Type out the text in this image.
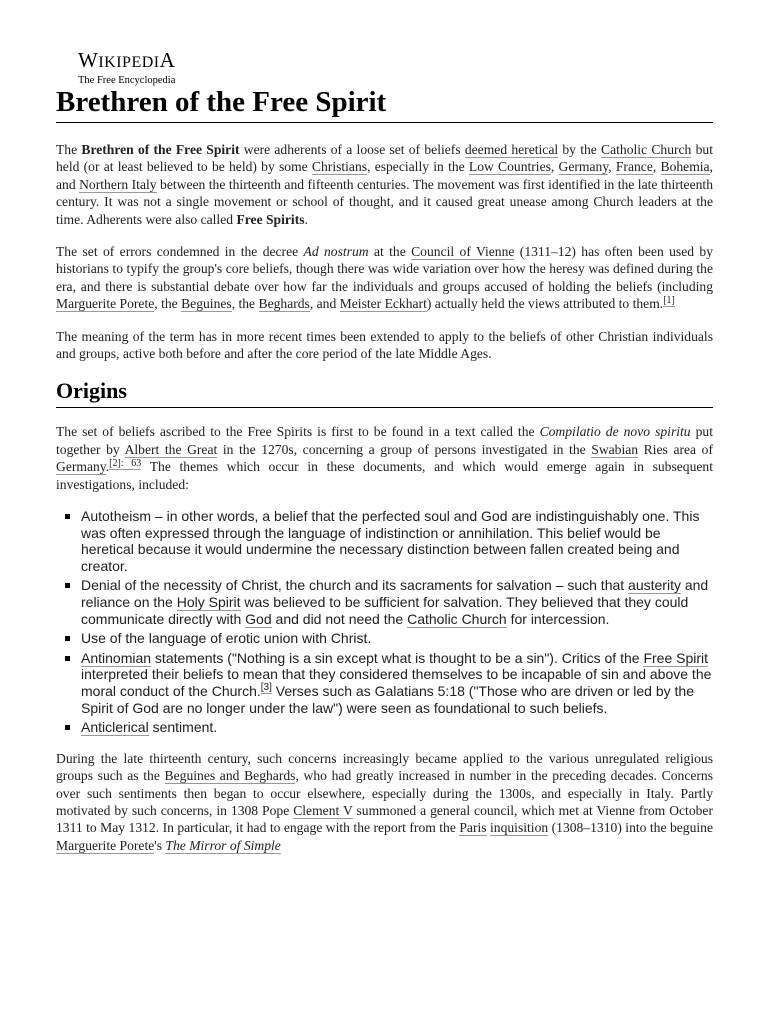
WIKIPEDIA
The Free Encyclopedia
Brethren of the Free Spirit

The Brethren of the Free Spirit were adherents of a loose set of beliefs deemed heretical by the Catholic Church but held (or at least believed to be held) by some Christians, especially in the Low Countries, Germany, France, Bohemia, and Northern Italy between the thirteenth and fifteenth centuries. The movement was first identified in the late thirteenth century. It was not a single movement or school of thought, and it caused great unease among Church leaders at the time. Adherents were also called Free Spirits.

The set of errors condemned in the decree Ad nostrum at the Council of Vienne (1311–12) has often been used by historians to typify the group's core beliefs, though there was wide variation over how the heresy was defined during the era, and there is substantial debate over how far the individuals and groups accused of holding the beliefs (including Marguerite Porete, the Beguines, the Beghards, and Meister Eckhart) actually held the views attributed to them.[1]

The meaning of the term has in more recent times been extended to apply to the beliefs of other Christian individuals and groups, active both before and after the core period of the late Middle Ages.

Origins

The set of beliefs ascribed to the Free Spirits is first to be found in a text called the Compilatio de novo spiritu put together by Albert the Great in the 1270s, concerning a group of persons investigated in the Swabian Ries area of Germany.$^{[2]: 63}$ The themes which occur in these documents, and which would emerge again in subsequent investigations, included:

Autotheism – in other words, a belief that the perfected soul and God are indistinguishably one. This was often expressed through the language of indistinction or annihilation. This belief would be heretical because it would undermine the necessary distinction between fallen created being and creator.
Denial of the necessity of Christ, the church and its sacraments for salvation – such that austerity and reliance on the Holy Spirit was believed to be sufficient for salvation. They believed that they could communicate directly with God and did not need the Catholic Church for intercession.
Use of the language of erotic union with Christ.
Antinomian statements ("Nothing is a sin except what is thought to be a sin"). Critics of the Free Spirit interpreted their beliefs to mean that they considered themselves to be incapable of sin and above the moral conduct of the Church.[3] Verses such as Galatians 5:18 ("Those who are driven or led by the Spirit of God are no longer under the law") were seen as foundational to such beliefs.
Anticlerical sentiment.

During the late thirteenth century, such concerns increasingly became applied to the various unregulated religious groups such as the Beguines and Beghards, who had greatly increased in number in the preceding decades. Concerns over such sentiments then began to occur elsewhere, especially during the 1300s, and especially in Italy. Partly motivated by such concerns, in 1308 Pope Clement V summoned a general council, which met at Vienne from October 1311 to May 1312. In particular, it had to engage with the report from the Paris inquisition (1308–1310) into the beguine Marguerite Porete's The Mirror of Simple
